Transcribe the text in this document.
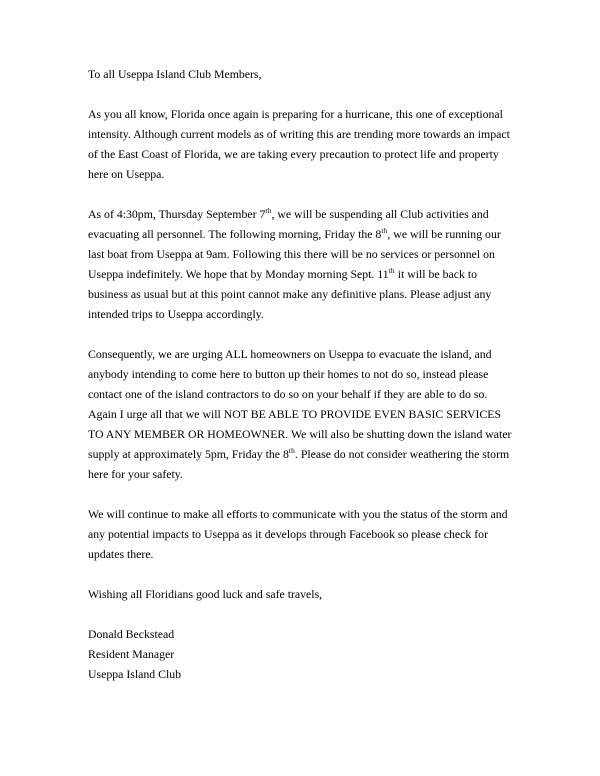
To all Useppa Island Club Members,

As you all know, Florida once again is preparing for a hurricane, this one of exceptional intensity. Although current models as of writing this are trending more towards an impact of the East Coast of Florida, we are taking every precaution to protect life and property here on Useppa.

As of 4:30pm, Thursday September 7th, we will be suspending all Club activities and evacuating all personnel. The following morning, Friday the 8th, we will be running our last boat from Useppa at 9am. Following this there will be no services or personnel on Useppa indefinitely. We hope that by Monday morning Sept. 11th it will be back to business as usual but at this point cannot make any definitive plans. Please adjust any intended trips to Useppa accordingly.

Consequently, we are urging ALL homeowners on Useppa to evacuate the island, and anybody intending to come here to button up their homes to not do so, instead please contact one of the island contractors to do so on your behalf if they are able to do so. Again I urge all that we will NOT BE ABLE TO PROVIDE EVEN BASIC SERVICES TO ANY MEMBER OR HOMEOWNER. We will also be shutting down the island water supply at approximately 5pm, Friday the 8th. Please do not consider weathering the storm here for your safety.

We will continue to make all efforts to communicate with you the status of the storm and any potential impacts to Useppa as it develops through Facebook so please check for updates there.

Wishing all Floridians good luck and safe travels,

Donald Beckstead

Resident Manager

Useppa Island Club
